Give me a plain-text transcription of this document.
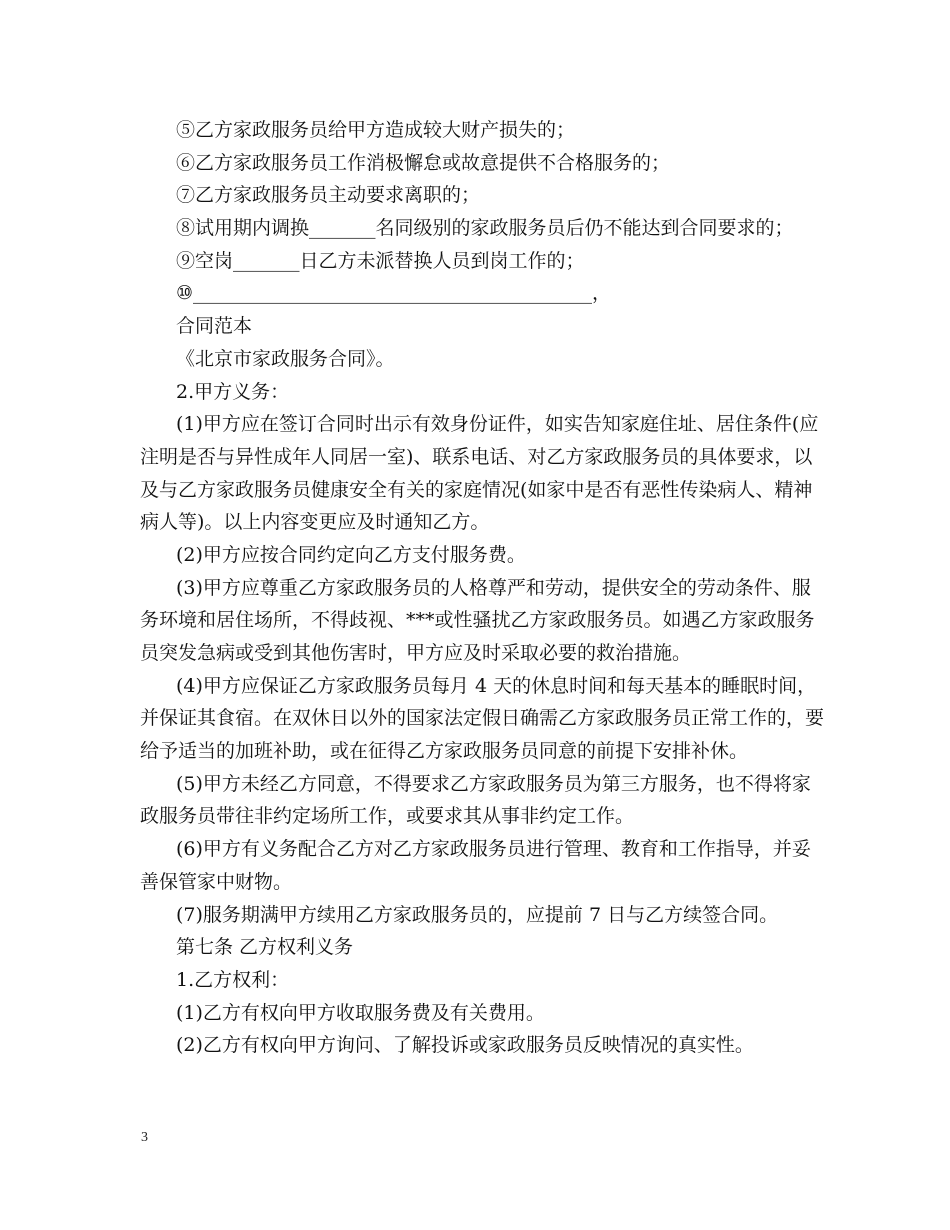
⑤乙方家政服务员给甲方造成较大财产损失的；
⑥乙方家政服务员工作消极懈怠或故意提供不合格服务的；
⑦乙方家政服务员主动要求离职的；
⑧试用期内调换_______名同级别的家政服务员后仍不能达到合同要求的；
⑨空岗_______日乙方未派替换人员到岗工作的；
⑩__________________________________________，
合同范本
《北京市家政服务合同》。
2.甲方义务：
(1)甲方应在签订合同时出示有效身份证件，如实告知家庭住址、居住条件(应
注明是否与异性成年人同居一室)、联系电话、对乙方家政服务员的具体要求，以
及与乙方家政服务员健康安全有关的家庭情况(如家中是否有恶性传染病人、精神
病人等)。以上内容变更应及时通知乙方。
(2)甲方应按合同约定向乙方支付服务费。
(3)甲方应尊重乙方家政服务员的人格尊严和劳动，提供安全的劳动条件、服
务环境和居住场所，不得歧视、***或性骚扰乙方家政服务员。如遇乙方家政服务
员突发急病或受到其他伤害时，甲方应及时采取必要的救治措施。
(4)甲方应保证乙方家政服务员每月 4 天的休息时间和每天基本的睡眠时间，
并保证其食宿。在双休日以外的国家法定假日确需乙方家政服务员正常工作的，要
给予适当的加班补助，或在征得乙方家政服务员同意的前提下安排补休。
(5)甲方未经乙方同意，不得要求乙方家政服务员为第三方服务，也不得将家
政服务员带往非约定场所工作，或要求其从事非约定工作。
(6)甲方有义务配合乙方对乙方家政服务员进行管理、教育和工作指导，并妥
善保管家中财物。
(7)服务期满甲方续用乙方家政服务员的，应提前 7 日与乙方续签合同。
第七条 乙方权利义务
1.乙方权利：
(1)乙方有权向甲方收取服务费及有关费用。
(2)乙方有权向甲方询问、了解投诉或家政服务员反映情况的真实性。
3
